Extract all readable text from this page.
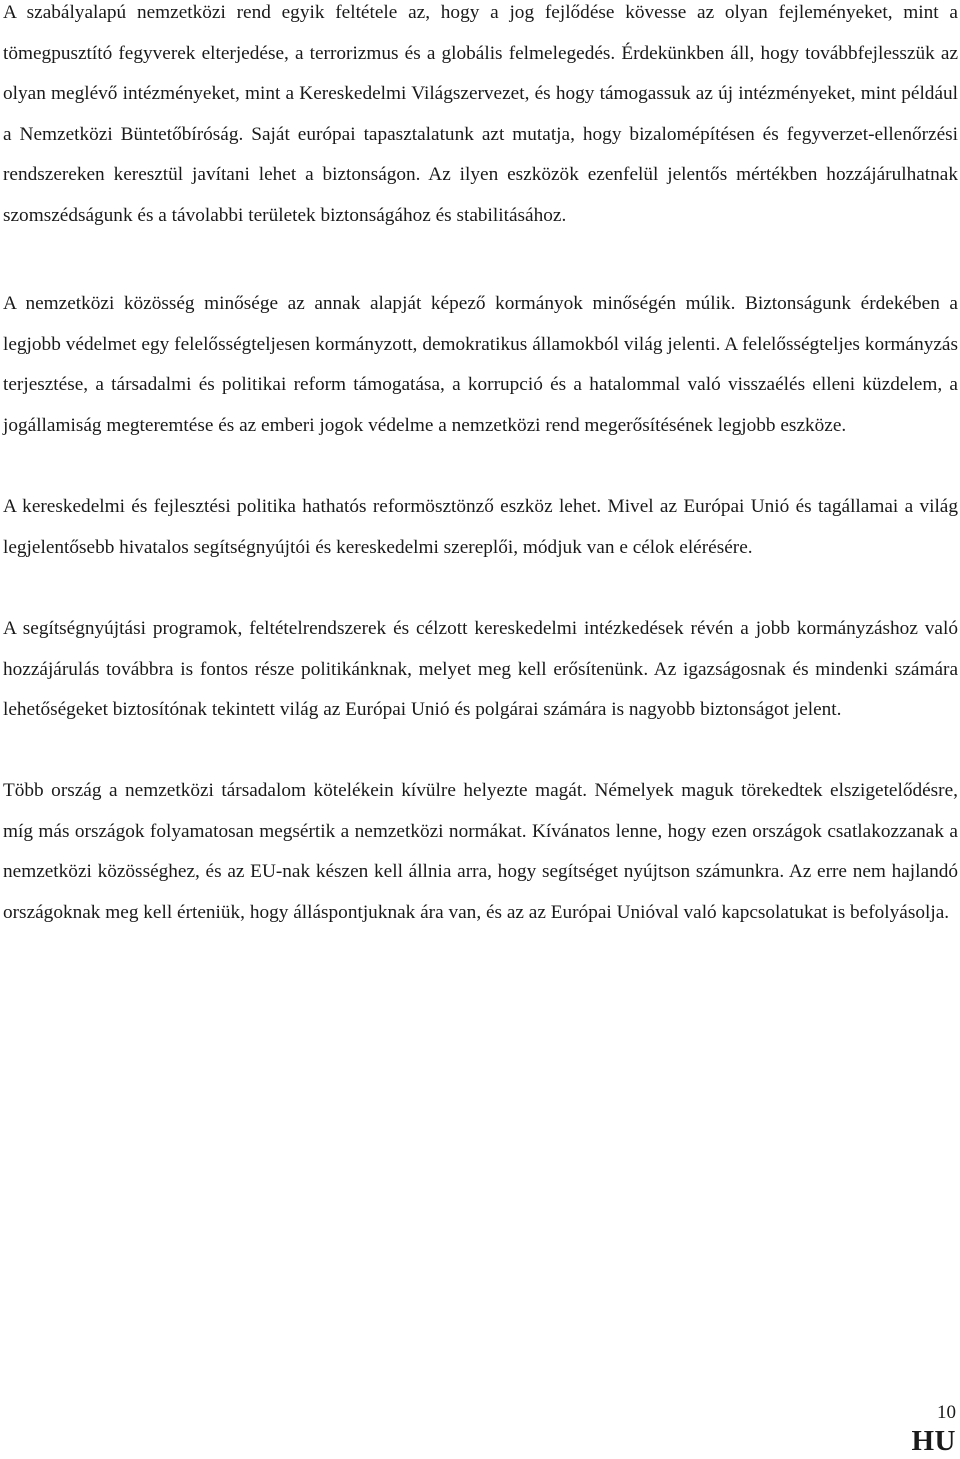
A szabályalapú nemzetközi rend egyik feltétele az, hogy a jog fejlődése kövesse az olyan fejleményeket, mint a tömegpusztító fegyverek elterjedése, a terrorizmus és a globális felmelegedés. Érdekünkben áll, hogy továbbfejlesszük az olyan meglévő intézményeket, mint a Kereskedelmi Világszervezet, és hogy támogassuk az új intézményeket, mint például a Nemzetközi Büntetőbíróság. Saját európai tapasztalatunk azt mutatja, hogy bizalomépítésen és fegyverzet-ellenőrzési rendszereken keresztül javítani lehet a biztonságon. Az ilyen eszközök ezenfelül jelentős mértékben hozzájárulhatnak szomszédságunk és a távolabbi területek biztonságához és stabilitásához.

A nemzetközi közösség minősége az annak alapját képező kormányok minőségén múlik. Biztonságunk érdekében a legjobb védelmet egy felelősségteljesen kormányzott, demokratikus államokból világ jelenti. A felelősségteljes kormányzás terjesztése, a társadalmi és politikai reform támogatása, a korrupció és a hatalommal való visszaélés elleni küzdelem, a jogállamiság megteremtése és az emberi jogok védelme a nemzetközi rend megerősítésének legjobb eszköze.

A kereskedelmi és fejlesztési politika hathatós reformösztönző eszköz lehet. Mivel az Európai Unió és tagállamai a világ legjelentősebb hivatalos segítségnyújtói és kereskedelmi szereplői, módjuk van e célok elérésére.

A segítségnyújtási programok, feltételrendszerek és célzott kereskedelmi intézkedések révén a jobb kormányzáshoz való hozzájárulás továbbra is fontos része politikánknak, melyet meg kell erősítenünk. Az igazságosnak és mindenki számára lehetőségeket biztosítónak tekintett világ az Európai Unió és polgárai számára is nagyobb biztonságot jelent.

Több ország a nemzetközi társadalom kötelékein kívülre helyezte magát. Némelyek maguk törekedtek elszigetelődésre, míg más országok folyamatosan megsértik a nemzetközi normákat. Kívánatos lenne, hogy ezen országok csatlakozzanak a nemzetközi közösséghez, és az EU-nak készen kell állnia arra, hogy segítséget nyújtson számunkra. Az erre nem hajlandó országoknak meg kell érteniük, hogy álláspontjuknak ára van, és az az Európai Unióval való kapcsolatukat is befolyásolja.

10

HU
